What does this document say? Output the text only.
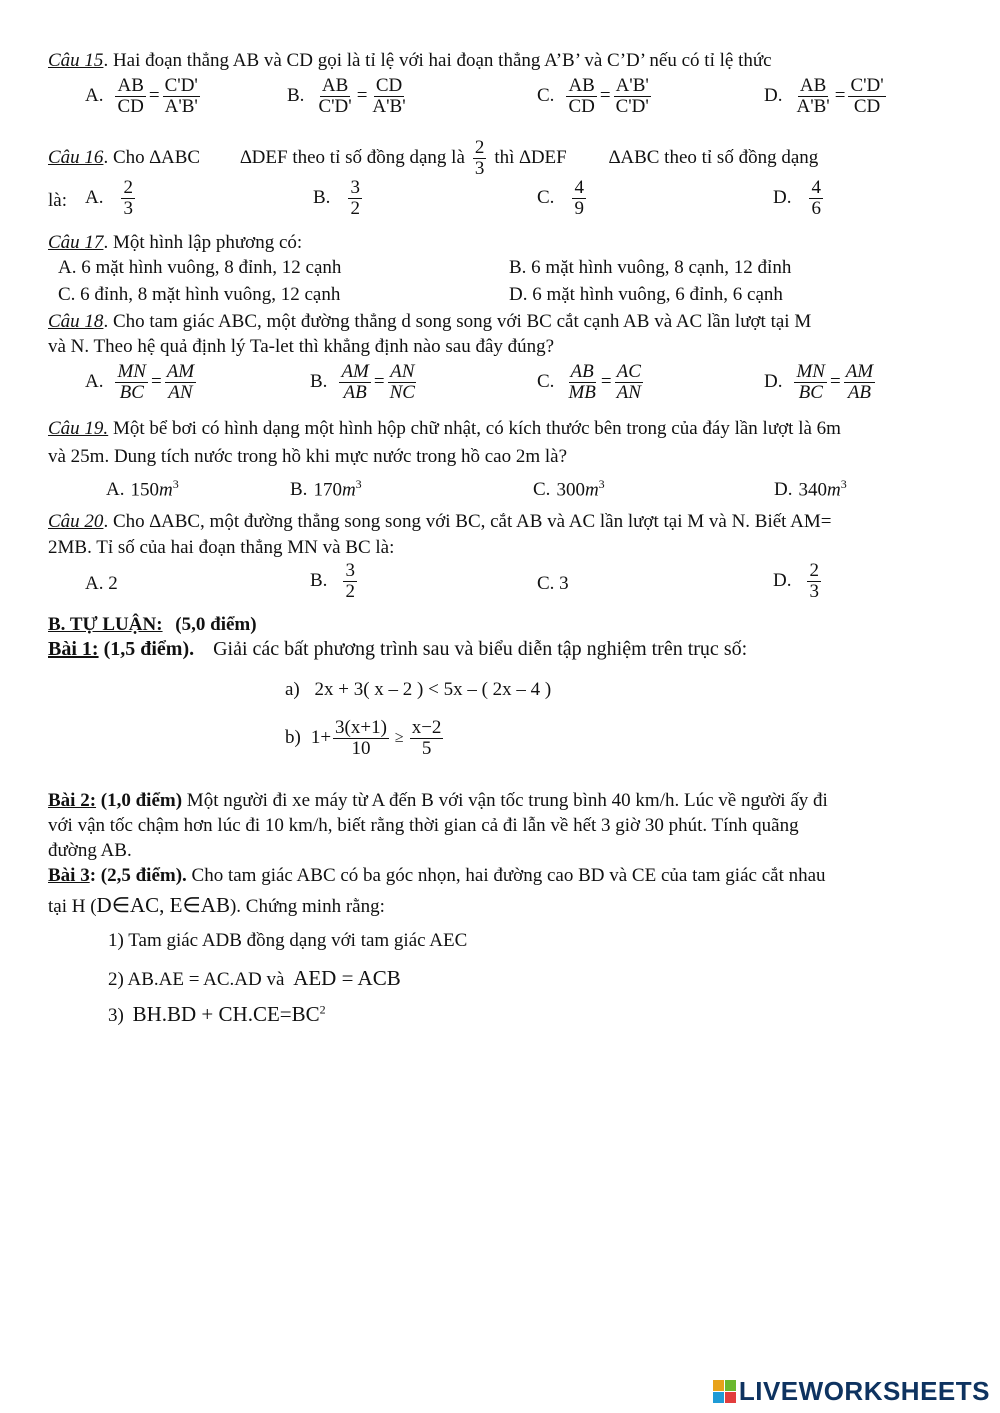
Câu 15. Hai đoạn thẳng AB và CD gọi là tỉ lệ với hai đoạn thẳng A’B’ và C’D’ nếu có tỉ lệ thức
A. $\frac{AB}{CD} = \frac{C'D'}{A'B'}$	B. $\frac{AB}{C'D'} = \frac{CD}{A'B'}$	C. $\frac{AB}{CD} = \frac{A'B'}{C'D'}$	D. $\frac{AB}{A'B'} = \frac{C'D'}{CD}$
Câu 16 . Cho ∆ABC ∆DEF theo tỉ số đồng dạng là $\frac{2}{3}$ thì ∆DEF ∆ABC theo tỉ số đồng dạng
là: A. $\frac{2}{3}$	B. $\frac{3}{2}$	C. $\frac{4}{9}$	D. $\frac{4}{6}$
Câu 17. Một hình lập phương có:
A. 6 mặt hình vuông, 8 đỉnh, 12 cạnh	B. 6 mặt hình vuông, 8 cạnh, 12 đỉnh
C. 6 đỉnh, 8 mặt hình vuông, 12 cạnh	D. 6 mặt hình vuông, 6 đỉnh, 6 cạnh
Câu 18. Cho tam giác ABC, một đường thẳng d song song với BC cắt cạnh AB và AC lần lượt tại M
và N. Theo hệ quả định lý Ta-let thì khẳng định nào sau đây đúng?
A. $\frac{MN}{BC} = \frac{AM}{AN}$	B. $\frac{AM}{AB} = \frac{AN}{NC}$	C. $\frac{AB}{MB} = \frac{AC}{AN}$	D. $\frac{MN}{BC} = \frac{AM}{AB}$
Câu 19. Một bể bơi có hình dạng một hình hộp chữ nhật, có kích thước bên trong của đáy lần lượt là 6m
và 25m. Dung tích nước trong hồ khi mực nước trong hồ cao 2m là?
A. $150m^3$	B. $170m^3$	C. $300m^3$	D. $340m^3$
Câu 20. Cho ∆ABC, một đường thẳng song song với BC, cắt AB và AC lần lượt tại M và N. Biết AM=
2MB. Tỉ số của hai đoạn thẳng MN và BC là:
A. 2	B. $\frac{3}{2}$	C. 3	D. $\frac{2}{3}$
B. TỰ LUẬN: (5,0 điểm)
Bài 1: (1,5 điểm). Giải các bất phương trình sau và biểu diễn tập nghiệm trên trục số:
a) 2x + 3( x – 2 ) < 5x – ( 2x – 4 )
b) $1+ \frac{3(x+1)}{10} \ge \frac{x-2}{5}$
Bài 2: (1,0 điểm) Một người đi xe máy từ A đến B với vận tốc trung bình 40 km/h. Lúc về người ấy đi
với vận tốc chậm hơn lúc đi 10 km/h, biết rằng thời gian cả đi lẫn về hết 3 giờ 30 phút. Tính quãng
đường AB.
Bài 3: (2,5 điểm). Cho tam giác ABC có ba góc nhọn, hai đường cao BD và CE của tam giác cắt nhau
tại H (D∈AC, E∈AB). Chứng minh rằng:
1) Tam giác ADB đồng dạng với tam giác AEC
2) AB.AE = AC.AD và AED = ACB
3) $BH.BD + CH.CE=BC^2$
LIVEWORKSHEETS
